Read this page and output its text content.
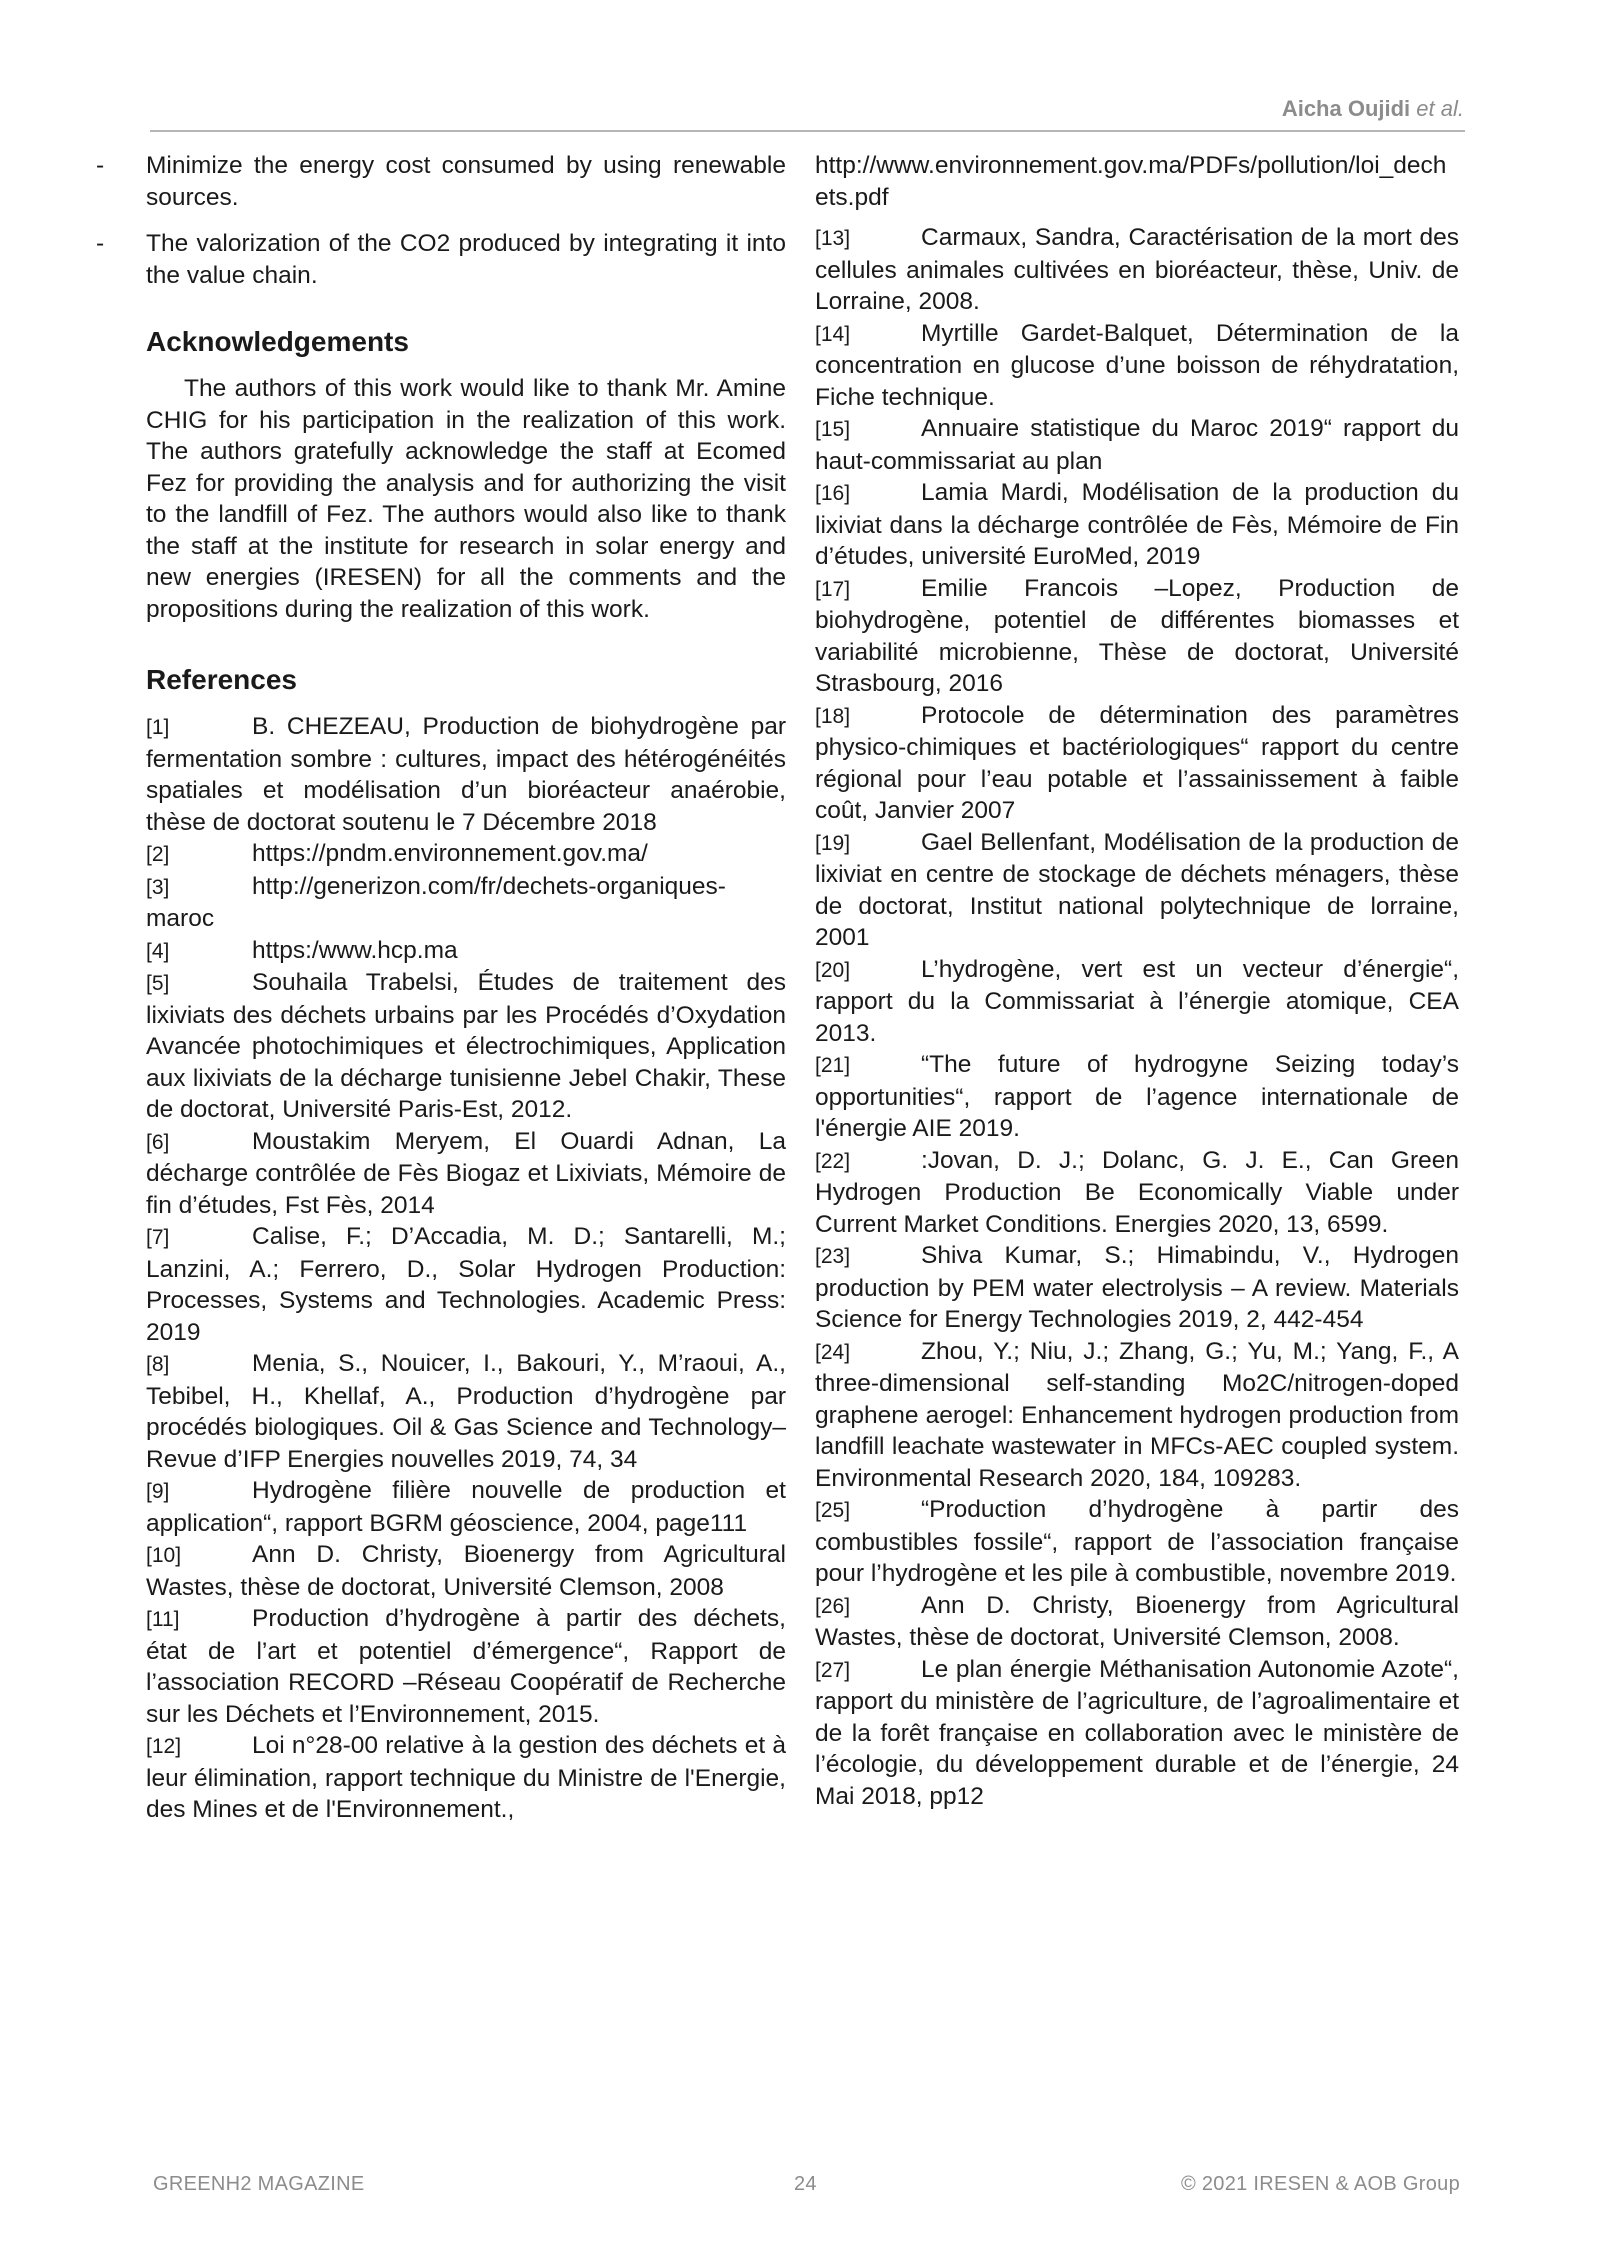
Aicha Oujidi et al.
- Minimize the energy cost consumed by using renewable sources.
- The valorization of the CO2 produced by integrating it into the value chain.
Acknowledgements

The authors of this work would like to thank Mr. Amine CHIG for his participation in the realization of this work. The authors gratefully acknowledge the staff at Ecomed Fez for providing the analysis and for authorizing the visit to the landfill of Fez. The authors would also like to thank the staff at the institute for research in solar energy and new energies (IRESEN) for all the comments and the propositions during the realization of this work.

References

[1]	B. CHEZEAU, Production de biohydrogène par fermentation sombre : cultures, impact des hétérogénéités spatiales et modélisation d’un bioréacteur anaérobie, thèse de doctorat soutenu le 7 Décembre 2018

[2]	https://pndm.environnement.gov.ma/

[3]	http://generizon.com/fr/dechets-organiques-maroc

[4]	https:/www.hcp.ma

[5]	Souhaila Trabelsi, Études de traitement des lixiviats des déchets urbains par les Procédés d’Oxydation Avancée photochimiques et électrochimiques, Application aux lixiviats de la décharge tunisienne Jebel Chakir, These de doctorat, Université Paris-Est, 2012.

[6]	Moustakim Meryem, El Ouardi Adnan, La décharge contrôlée de Fès Biogaz et Lixiviats, Mémoire de fin d’études, Fst Fès, 2014

[7]	Calise, F.; D’Accadia, M. D.; Santarelli, M.; Lanzini, A.; Ferrero, D., Solar Hydrogen Production: Processes, Systems and Technologies. Academic Press: 2019

[8]	Menia, S., Nouicer, I., Bakouri, Y., M’raoui, A., Tebibel, H., Khellaf, A., Production d’hydrogène par procédés biologiques. Oil & Gas Science and Technology–Revue d’IFP Energies nouvelles 2019, 74, 34

[9]	Hydrogène filière nouvelle de production et application“, rapport BGRM géoscience, 2004, page111

[10]	Ann D. Christy, Bioenergy from Agricultural Wastes, thèse de doctorat, Université Clemson, 2008

[11]	Production d’hydrogène à partir des déchets, état de l’art et potentiel d’émergence“, Rapport de l’association RECORD –Réseau Coopératif de Recherche sur les Déchets et l’Environnement, 2015.

[12]	Loi n°28-00 relative à la gestion des déchets et à leur élimination, rapport technique du Ministre de l'Energie, des Mines et de l'Environnement.,

http://www.environnement.gov.ma/PDFs/pollution/loi_dechets.pdf

[13]	Carmaux, Sandra, Caractérisation de la mort des cellules animales cultivées en bioréacteur, thèse, Univ. de Lorraine, 2008.

[14]	Myrtille Gardet-Balquet, Détermination de la concentration en glucose d’une boisson de réhydratation, Fiche technique.

[15]	Annuaire statistique du Maroc 2019“ rapport du haut-commissariat au plan

[16]	Lamia Mardi, Modélisation de la production du lixiviat dans la décharge contrôlée de Fès, Mémoire de Fin d’études, université EuroMed, 2019

[17]	Emilie Francois –Lopez, Production de biohydrogène, potentiel de différentes biomasses et variabilité microbienne, Thèse de doctorat, Université Strasbourg, 2016

[18]	Protocole de détermination des paramètres physico-chimiques et bactériologiques“ rapport du centre régional pour l’eau potable et l’assainissement à faible coût, Janvier 2007

[19]	Gael Bellenfant, Modélisation de la production de lixiviat en centre de stockage de déchets ménagers, thèse de doctorat, Institut national polytechnique de lorraine, 2001

[20]	L’hydrogène, vert est un vecteur d’énergie“, rapport du la Commissariat à l’énergie atomique, CEA 2013.

[21]	“The future of hydrogyne Seizing today’s opportunities“, rapport de l’agence internationale de l'énergie AIE 2019.

[22]	:Jovan, D. J.; Dolanc, G. J. E., Can Green Hydrogen Production Be Economically Viable under Current Market Conditions. Energies 2020, 13, 6599.

[23]	Shiva Kumar, S.; Himabindu, V., Hydrogen production by PEM water electrolysis – A review. Materials Science for Energy Technologies 2019, 2, 442-454

[24]	Zhou, Y.; Niu, J.; Zhang, G.; Yu, M.; Yang, F., A three-dimensional self-standing Mo2C/nitrogen-doped graphene aerogel: Enhancement hydrogen production from landfill leachate wastewater in MFCs-AEC coupled system. Environmental Research 2020, 184, 109283.

[25]	“Production d’hydrogène à partir des combustibles fossile“, rapport de l’association française pour l’hydrogène et les pile à combustible, novembre 2019.

[26]	Ann D. Christy, Bioenergy from Agricultural Wastes, thèse de doctorat, Université Clemson, 2008.

[27]	Le plan énergie Méthanisation Autonomie Azote“, rapport du ministère de l’agriculture, de l’agroalimentaire et de la forêt française en collaboration avec le ministère de l’écologie, du développement durable et de l’énergie, 24 Mai 2018, pp12

GREENH2 MAGAZINE	24	© 2021 IRESEN & AOB Group
